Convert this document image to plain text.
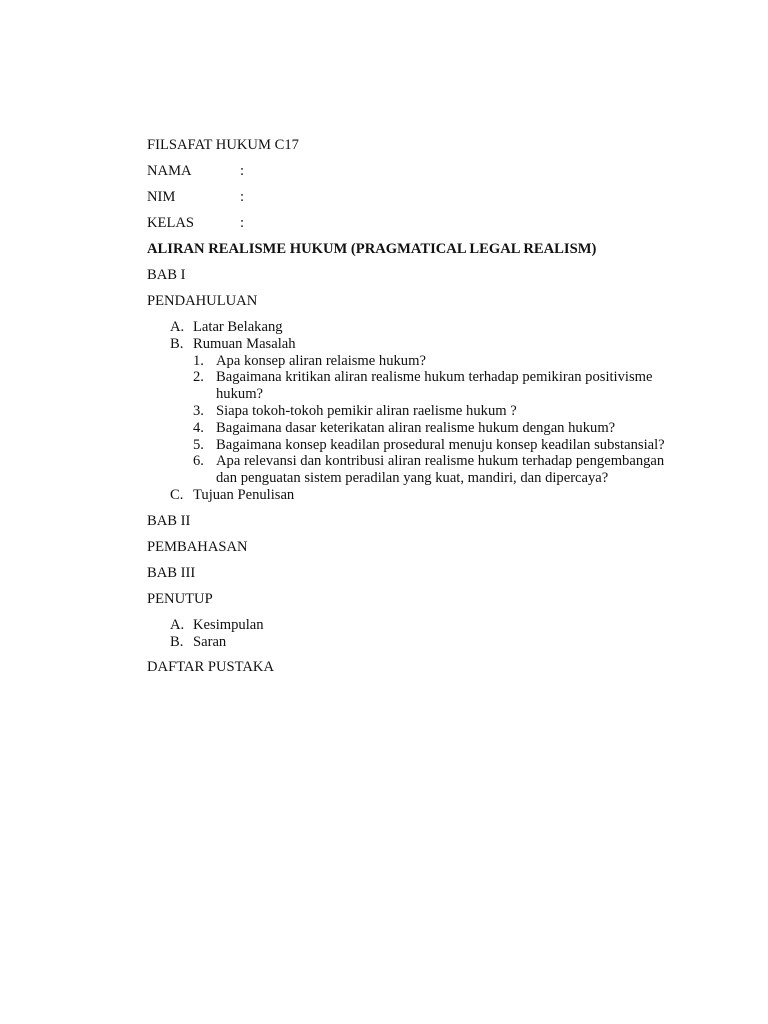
FILSAFAT HUKUM C17
NAMA	:
NIM	:
KELAS	:
ALIRAN REALISME HUKUM (PRAGMATICAL LEGAL REALISM)
BAB I
PENDAHULUAN
A. Latar Belakang
B. Rumuan Masalah
1. Apa konsep aliran relaisme hukum?
2. Bagaimana kritikan aliran realisme hukum terhadap pemikiran positivisme hukum?
3. Siapa tokoh-tokoh pemikir aliran raelisme hukum ?
4. Bagaimana dasar keterikatan aliran realisme hukum dengan hukum?
5. Bagaimana konsep keadilan prosedural menuju konsep keadilan substansial?
6. Apa relevansi dan kontribusi aliran realisme hukum terhadap pengembangan dan penguatan sistem peradilan yang kuat, mandiri, dan dipercaya?
C. Tujuan Penulisan
BAB II
PEMBAHASAN
BAB III
PENUTUP
A. Kesimpulan
B. Saran
DAFTAR PUSTAKA
